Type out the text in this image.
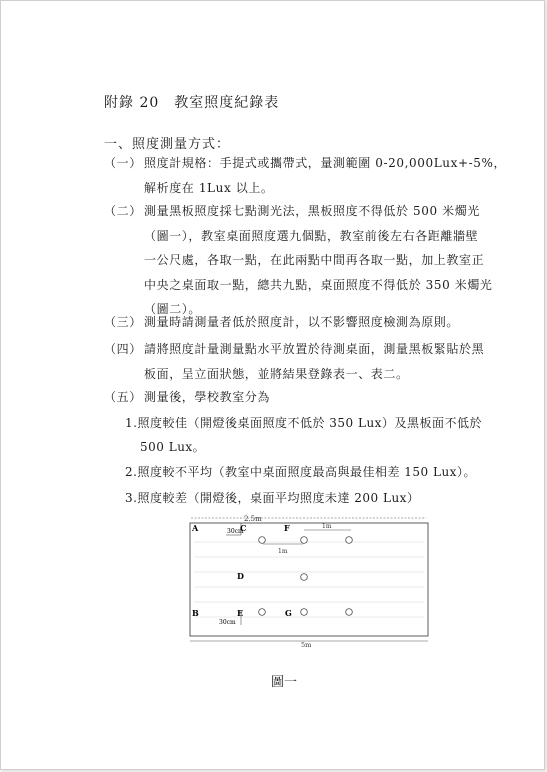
附錄 20　教室照度紀錄表
一、照度測量方式：
（一） 照度計規格：手提式或攜帶式，量測範圍 0-20,000Lux+-5%，
解析度在 1Lux 以上。
（二） 測量黑板照度採七點測光法，黑板照度不得低於 500 米燭光
（圖一），教室桌面照度選九個點，教室前後左右各距離牆壁
一公尺處，各取一點，在此兩點中間再各取一點，加上教室正
中央之桌面取一點，總共九點，桌面照度不得低於 350 米燭光
（圖二）。
（三） 測量時請測量者低於照度計，以不影響照度檢測為原則。
（四） 請將照度計量測量點水平放置於待測桌面，測量黑板緊貼於黑
板面，呈立面狀態，並將結果登錄表一、表二。
（五） 測量後，學校教室分為
1.照度較佳（開燈後桌面照度不低於 350 Lux）及黑板面不低於
500 Lux。
2.照度較不平均（教室中桌面照度最高與最佳相差 150 Lux）。
3.照度較差（開燈後，桌面平均照度未達 200 Lux）
2.5m
1m
1m
A	30cm
C	F
D
B	E	G
30cm
5m
圖一
